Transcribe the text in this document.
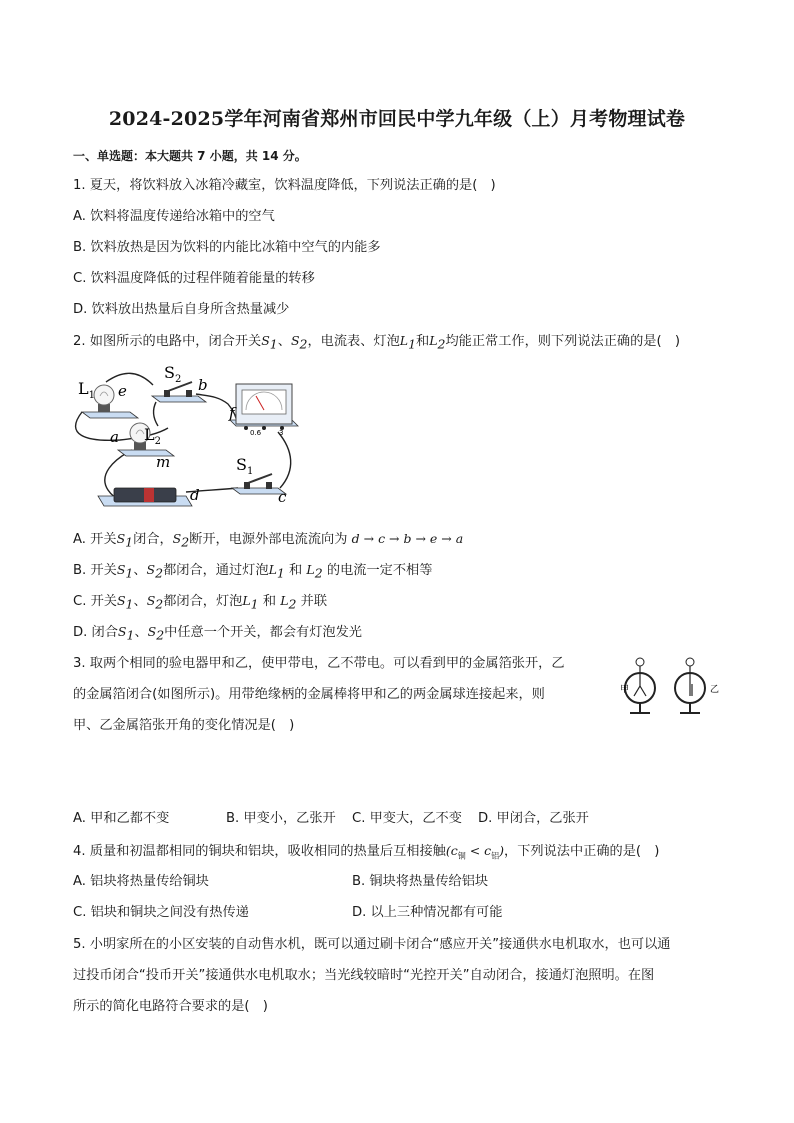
2024-2025学年河南省郑州市回民中学九年级（上）月考物理试卷
一、单选题：本大题共 7 小题，共 14 分。
1. 夏天，将饮料放入冰箱冷藏室，饮料温度降低，下列说法正确的是(　)
A. 饮料将温度传递给冰箱中的空气
B. 饮料放热是因为饮料的内能比冰箱中空气的内能多
C. 饮料温度降低的过程伴随着能量的转移
D. 饮料放出热量后自身所含热量减少
2. 如图所示的电路中，闭合开关$S_1$、$S_2$，电流表、灯泡$L_1$和$L_2$均能正常工作，则下列说法正确的是(　)
$L_1$ e
$S_2$ b
f
0.6	3
a $L_2$
m	$S_1$
d	c
A. 开关$S_1$闭合，$S_2$断开，电源外部电流流向为 d → c → b → e → a
B. 开关$S_1$、$S_2$都闭合，通过灯泡$L_1$ 和 $L_2$ 的电流一定不相等
C. 开关$S_1$、$S_2$都闭合，灯泡$L_1$ 和 $L_2$ 并联
D. 闭合$S_1$、$S_2$中任意一个开关，都会有灯泡发光
3. 取两个相同的验电器甲和乙，使甲带电，乙不带电。可以看到甲的金属箔张开，乙
的金属箔闭合(如图所示)。用带绝缘柄的金属棒将甲和乙的两金属球连接起来，则
甲、乙金属箔张开角的变化情况是(　)
甲	乙
A. 甲和乙都不变	B. 甲变小，乙张开 C. 甲变大，乙不变 D. 甲闭合，乙张开
4. 质量和初温都相同的铜块和铝块，吸收相同的热量后互相接触$(c_铜 < c_铝)$，下列说法中正确的是(　)
A. 铝块将热量传给铜块	B. 铜块将热量传给铝块
C. 铝块和铜块之间没有热传递	D. 以上三种情况都有可能
5. 小明家所在的小区安装的自动售水机，既可以通过刷卡闭合“感应开关”接通供水电机取水，也可以通
过投币闭合“投币开关”接通供水电机取水；当光线较暗时“光控开关”自动闭合，接通灯泡照明。在图
所示的简化电路符合要求的是(　)
